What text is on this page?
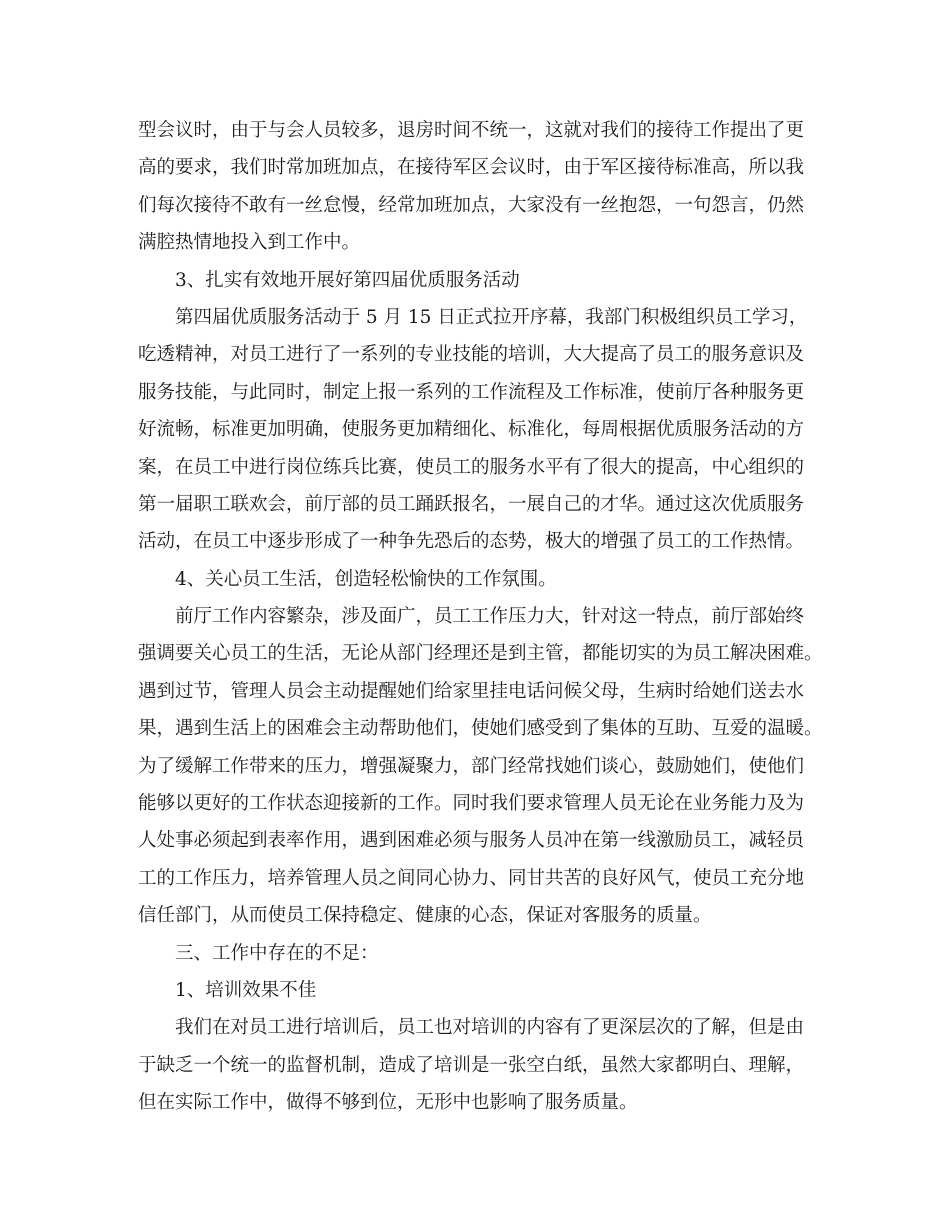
型会议时，由于与会人员较多，退房时间不统一，这就对我们的接待工作提出了更
高的要求，我们时常加班加点，在接待军区会议时，由于军区接待标准高，所以我
们每次接待不敢有一丝怠慢，经常加班加点，大家没有一丝抱怨，一句怨言，仍然
满腔热情地投入到工作中。
3、扎实有效地开展好第四届优质服务活动
第四届优质服务活动于 5 月 15 日正式拉开序幕，我部门积极组织员工学习，
吃透精神，对员工进行了一系列的专业技能的培训，大大提高了员工的服务意识及
服务技能，与此同时，制定上报一系列的工作流程及工作标准，使前厅各种服务更
好流畅，标准更加明确，使服务更加精细化、标准化，每周根据优质服务活动的方
案，在员工中进行岗位练兵比赛，使员工的服务水平有了很大的提高，中心组织的
第一届职工联欢会，前厅部的员工踊跃报名，一展自己的才华。通过这次优质服务
活动，在员工中逐步形成了一种争先恐后的态势，极大的增强了员工的工作热情。
4、关心员工生活，创造轻松愉快的工作氛围。
前厅工作内容繁杂，涉及面广，员工工作压力大，针对这一特点，前厅部始终
强调要关心员工的生活，无论从部门经理还是到主管，都能切实的为员工解决困难。
遇到过节，管理人员会主动提醒她们给家里挂电话问候父母，生病时给她们送去水
果，遇到生活上的困难会主动帮助他们，使她们感受到了集体的互助、互爱的温暖。
为了缓解工作带来的压力，增强凝聚力，部门经常找她们谈心，鼓励她们，使他们
能够以更好的工作状态迎接新的工作。同时我们要求管理人员无论在业务能力及为
人处事必须起到表率作用，遇到困难必须与服务人员冲在第一线激励员工，减轻员
工的工作压力，培养管理人员之间同心协力、同甘共苦的良好风气，使员工充分地
信任部门，从而使员工保持稳定、健康的心态，保证对客服务的质量。
三、工作中存在的不足：
1、培训效果不佳
我们在对员工进行培训后，员工也对培训的内容有了更深层次的了解，但是由
于缺乏一个统一的监督机制，造成了培训是一张空白纸，虽然大家都明白、理解，
但在实际工作中，做得不够到位，无形中也影响了服务质量。
